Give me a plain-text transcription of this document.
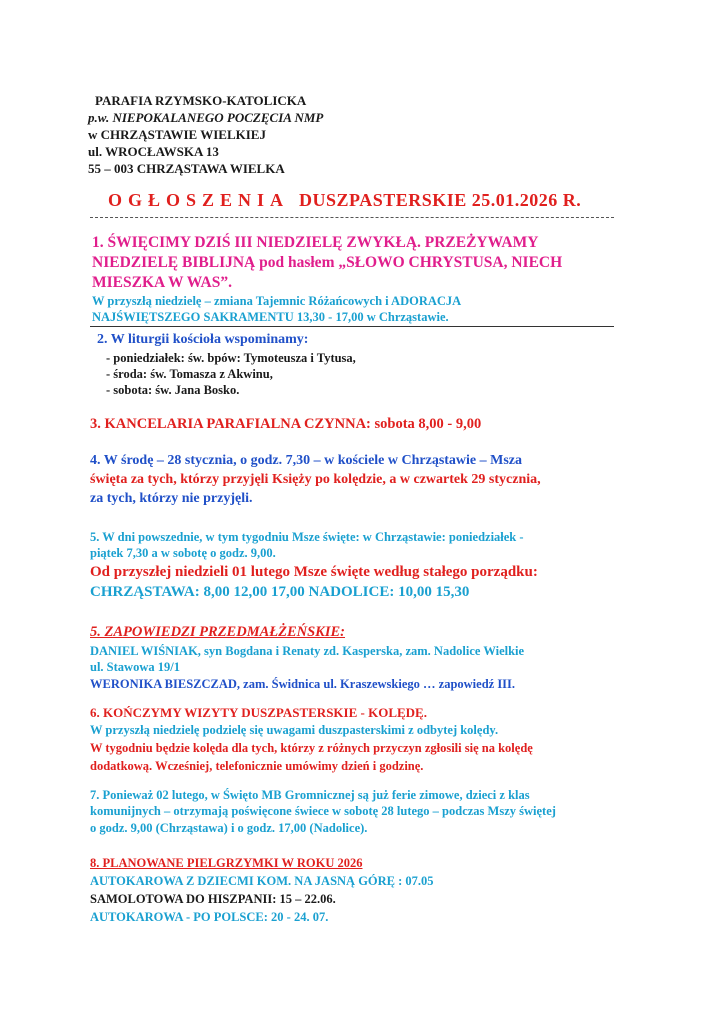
PARAFIA RZYMSKO-KATOLICKA
p.w. NIEPOKALANEGO POCZĘCIA NMP
w CHRZĄSTAWIE WIELKIEJ
ul. WROCŁAWSKA 13
55 – 003 CHRZĄSTAWA WIELKA
OGŁOSZENIA DUSZPASTERSKIE 25.01.2026 R.
1. ŚWIĘCIMY DZIŚ III NIEDZIELĘ ZWYKŁĄ. PRZEŻYWAMY
NIEDZIELĘ BIBLIJNĄ pod hasłem „SŁOWO CHRYSTUSA, NIECH
MIESZKA W WAS”.
W przyszłą niedzielę – zmiana Tajemnic Różańcowych i ADORACJA
NAJŚWIĘTSZEGO SAKRAMENTU 13,30 - 17,00 w Chrząstawie.
2. W liturgii kościoła wspominamy:
- poniedziałek: św. bpów: Tymoteusza i Tytusa,
- środa: św. Tomasza z Akwinu,
- sobota: św. Jana Bosko.
3. KANCELARIA PARAFIALNA CZYNNA: sobota 8,00 - 9,00
4. W środę – 28 stycznia, o godz. 7,30 – w kościele w Chrząstawie – Msza
święta za tych, którzy przyjęli Księży po kolędzie, a w czwartek 29 stycznia,
za tych, którzy nie przyjęli.
5. W dni powszednie, w tym tygodniu Msze święte: w Chrząstawie: poniedziałek -
piątek 7,30 a w sobotę o godz. 9,00.
Od przyszłej niedzieli 01 lutego Msze święte według stałego porządku:
CHRZĄSTAWA: 8,00 12,00 17,00 NADOLICE: 10,00 15,30
5. ZAPOWIEDZI PRZEDMAŁŻEŃSKIE:
DANIEL WIŚNIAK, syn Bogdana i Renaty zd. Kasperska, zam. Nadolice Wielkie
ul. Stawowa 19/1
WERONIKA BIESZCZAD, zam. Świdnica ul. Kraszewskiego … zapowiedź III.
6. KOŃCZYMY WIZYTY DUSZPASTERSKIE - KOLĘDĘ.
W przyszłą niedzielę podzielę się uwagami duszpasterskimi z odbytej kolędy.
W tygodniu będzie kolęda dla tych, którzy z różnych przyczyn zgłosili się na kolędę
dodatkową. Wcześniej, telefonicznie umówimy dzień i godzinę.
7. Ponieważ 02 lutego, w Święto MB Gromnicznej są już ferie zimowe, dzieci z klas
komunijnych – otrzymają poświęcone świece w sobotę 28 lutego – podczas Mszy świętej
o godz. 9,00 (Chrząstawa) i o godz. 17,00 (Nadolice).
8. PLANOWANE PIELGRZYMKI W ROKU 2026
AUTOKAROWA Z DZIECMI KOM. NA JASNĄ GÓRĘ : 07.05
SAMOLOTOWA DO HISZPANII: 15 – 22.06.
AUTOKAROWA - PO POLSCE: 20 - 24. 07.
